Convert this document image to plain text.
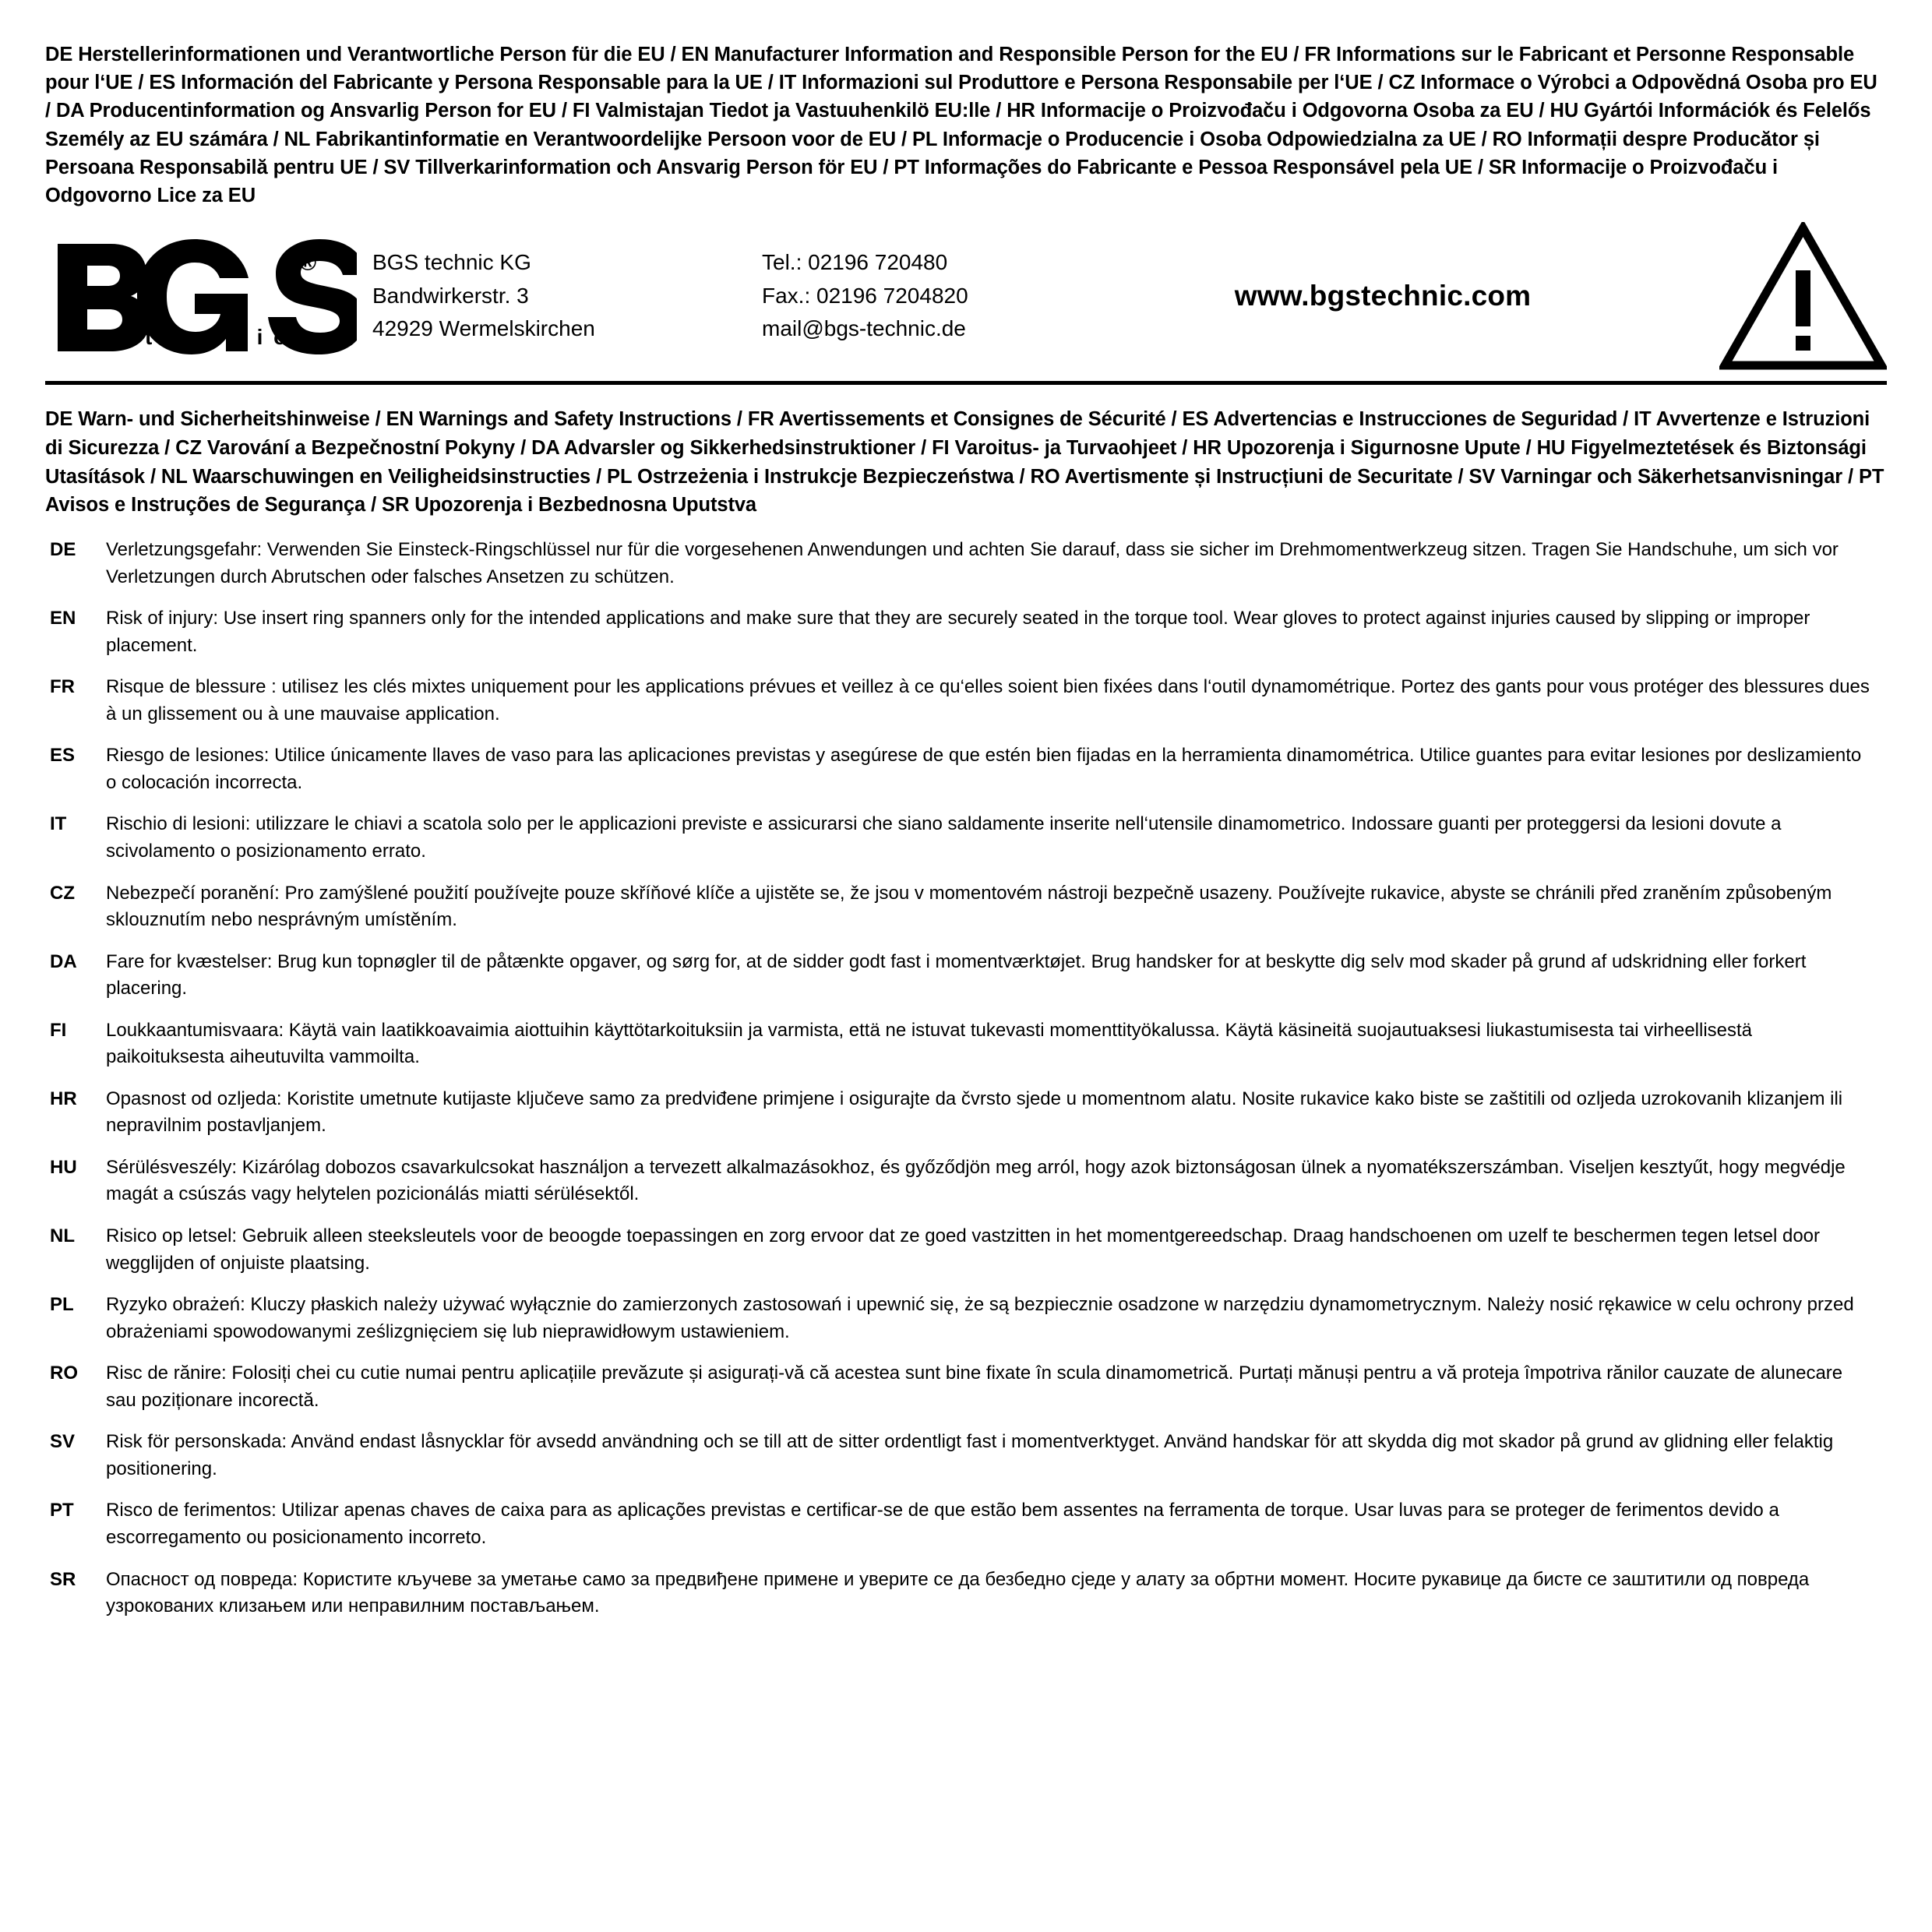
DE Herstellerinformationen und Verantwortliche Person für die EU / EN Manufacturer Information and Responsible Person for the EU / FR Informations sur le Fabricant et Personne Responsable pour l‘UE / ES Información del Fabricante y Persona Responsable para la UE / IT Informazioni sul Produttore e Persona Responsabile per l‘UE / CZ Informace o Výrobci a Odpovědná Osoba pro EU / DA Producentinformation og Ansvarlig Person for EU / FI Valmistajan Tiedot ja Vastuuhenkilö EU:lle / HR Informacije o Proizvođaču i Odgovorna Osoba za EU / HU Gyártói Információk és Felelős Személy az EU számára / NL Fabrikantinformatie en Verantwoordelijke Persoon voor de EU / PL Informacje o Producencie i Osoba Odpowiedzialna za UE / RO Informații despre Producător și Persoana Responsabilă pentru UE / SV Tillverkarinformation och Ansvarig Person för EU / PT Informações do Fabricante e Pessoa Responsável pela UE / SR Informacije o Proizvođaču i Odgovorno Lice za EU
®
t e c h n i c
BGS technic KG
Bandwirkerstr. 3
42929 Wermelskirchen
Tel.: 02196 720480
Fax.: 02196 7204820
mail@bgs-technic.de
www.bgstechnic.com
DE Warn- und Sicherheitshinweise / EN Warnings and Safety Instructions / FR Avertissements et Consignes de Sécurité / ES Advertencias e Instrucciones de Seguridad / IT Avvertenze e Istruzioni di Sicurezza / CZ Varování a Bezpečnostní Pokyny / DA Advarsler og Sikkerhedsinstruktioner / FI Varoitus- ja Turvaohjeet / HR Upozorenja i Sigurnosne Upute / HU Figyelmeztetések és Biztonsági Utasítások / NL Waarschuwingen en Veiligheidsinstructies / PL Ostrzeżenia i Instrukcje Bezpieczeństwa / RO Avertismente și Instrucțiuni de Securitate / SV Varningar och Säkerhetsanvisningar / PT Avisos e Instruções de Segurança / SR Upozorenja i Bezbednosna Uputstva
DE	Verletzungsgefahr: Verwenden Sie Einsteck-Ringschlüssel nur für die vorgesehenen Anwendungen und achten Sie darauf, dass sie sicher im Drehmomentwerkzeug sitzen. Tragen Sie Handschuhe, um sich vor Verletzungen durch Abrutschen oder falsches Ansetzen zu schützen.
EN	Risk of injury: Use insert ring spanners only for the intended applications and make sure that they are securely seated in the torque tool. Wear gloves to protect against injuries caused by slipping or improper placement.
FR	Risque de blessure : utilisez les clés mixtes uniquement pour les applications prévues et veillez à ce qu‘elles soient bien fixées dans l‘outil dynamométrique. Portez des gants pour vous protéger des blessures dues à un glissement ou à une mauvaise application.
ES	Riesgo de lesiones: Utilice únicamente llaves de vaso para las aplicaciones previstas y asegúrese de que estén bien fijadas en la herramienta dinamométrica. Utilice guantes para evitar lesiones por deslizamiento o colocación incorrecta.
IT	Rischio di lesioni: utilizzare le chiavi a scatola solo per le applicazioni previste e assicurarsi che siano saldamente inserite nell‘utensile dinamometrico. Indossare guanti per proteggersi da lesioni dovute a scivolamento o posizionamento errato.
CZ	Nebezpečí poranění: Pro zamýšlené použití používejte pouze skříňové klíče a ujistěte se, že jsou v momentovém nástroji bezpečně usazeny. Používejte rukavice, abyste se chránili před zraněním způsobeným sklouznutím nebo nesprávným umístěním.
DA	Fare for kvæstelser: Brug kun topnøgler til de påtænkte opgaver, og sørg for, at de sidder godt fast i momentværktøjet. Brug handsker for at beskytte dig selv mod skader på grund af udskridning eller forkert placering.
FI	Loukkaantumisvaara: Käytä vain laatikkoavaimia aiottuihin käyttötarkoituksiin ja varmista, että ne istuvat tukevasti momenttityökalussa. Käytä käsineitä suojautuaksesi liukastumisesta tai virheellisestä paikoituksesta aiheutuvilta vammoilta.
HR	Opasnost od ozljeda: Koristite umetnute kutijaste ključeve samo za predviđene primjene i osigurajte da čvrsto sjede u momentnom alatu. Nosite rukavice kako biste se zaštitili od ozljeda uzrokovanih klizanjem ili nepravilnim postavljanjem.
HU	Sérülésveszély: Kizárólag dobozos csavarkulcsokat használjon a tervezett alkalmazásokhoz, és győződjön meg arról, hogy azok biztonságosan ülnek a nyomatékszerszámban. Viseljen kesztyűt, hogy megvédje magát a csúszás vagy helytelen pozicionálás miatti sérülésektől.
NL	Risico op letsel: Gebruik alleen steeksleutels voor de beoogde toepassingen en zorg ervoor dat ze goed vastzitten in het momentgereedschap. Draag handschoenen om uzelf te beschermen tegen letsel door wegglijden of onjuiste plaatsing.
PL	Ryzyko obrażeń: Kluczy płaskich należy używać wyłącznie do zamierzonych zastosowań i upewnić się, że są bezpiecznie osadzone w narzędziu dynamometrycznym. Należy nosić rękawice w celu ochrony przed obrażeniami spowodowanymi ześlizgnięciem się lub nieprawidłowym ustawieniem.
RO	Risc de rănire: Folosiți chei cu cutie numai pentru aplicațiile prevăzute și asigurați-vă că acestea sunt bine fixate în scula dinamometrică. Purtați mănuși pentru a vă proteja împotriva rănilor cauzate de alunecare sau poziționare incorectă.
SV	Risk för personskada: Använd endast låsnycklar för avsedd användning och se till att de sitter ordentligt fast i momentverktyget. Använd handskar för att skydda dig mot skador på grund av glidning eller felaktig positionering.
PT	Risco de ferimentos: Utilizar apenas chaves de caixa para as aplicações previstas e certificar-se de que estão bem assentes na ferramenta de torque. Usar luvas para se proteger de ferimentos devido a escorregamento ou posicionamento incorreto.
SR	Опасност од повреда: Користите кључеве за уметање само за предвиђене примене и уверите се да безбедно сједе у алату за обртни момент. Носите рукавице да бисте се заштитили од повреда узрокованих клизањем или неправилним постављањем.
